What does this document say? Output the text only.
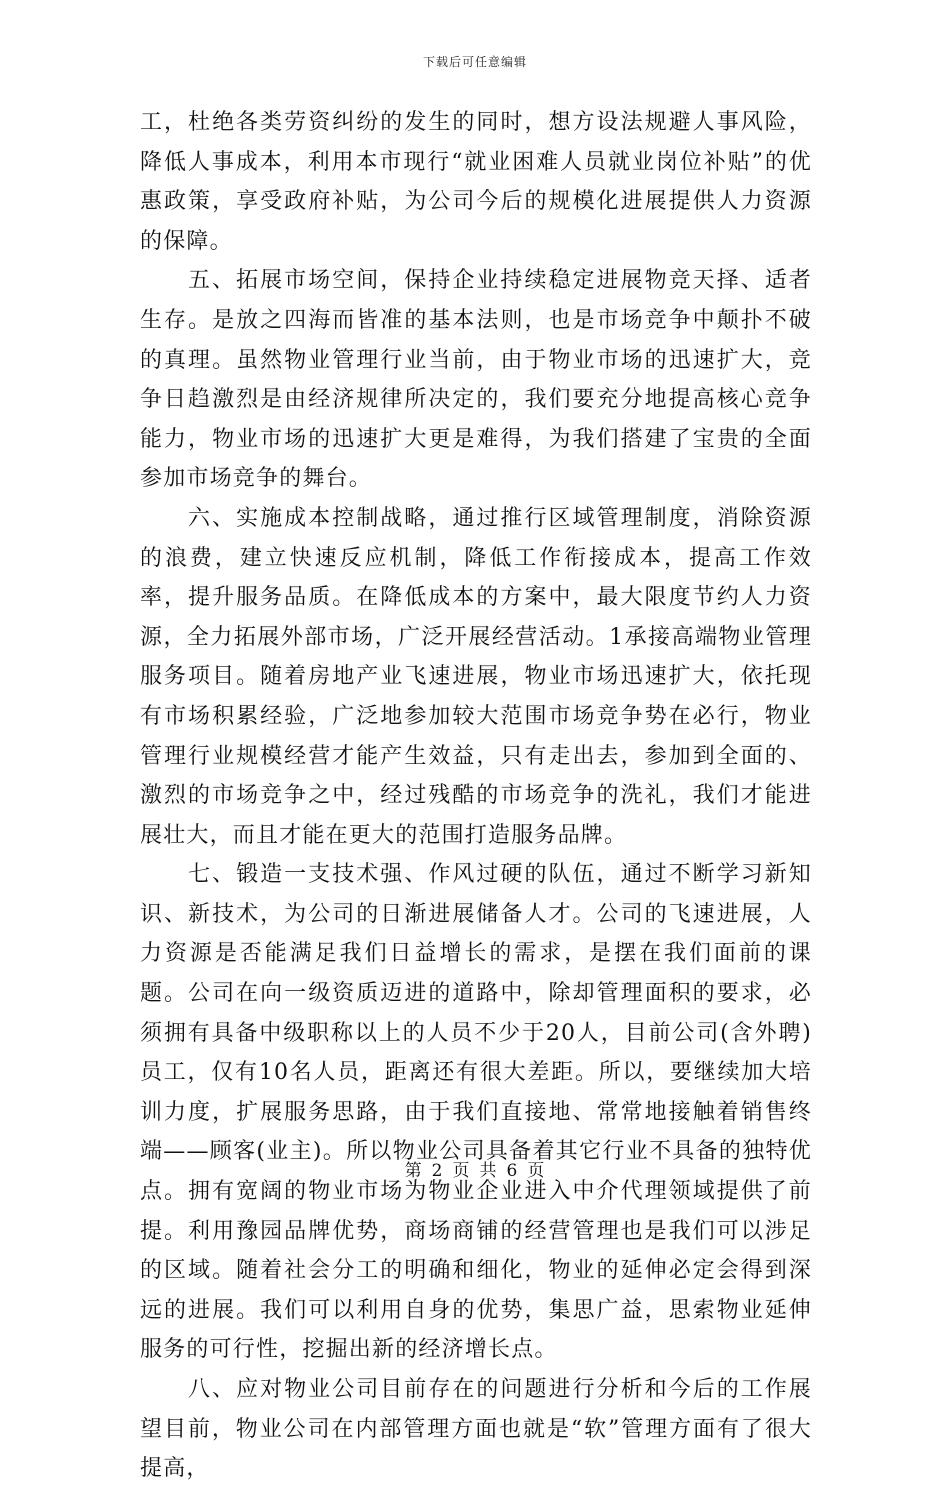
下载后可任意编辑

工，杜绝各类劳资纠纷的发生的同时，想方设法规避人事风险，降低人事成本，利用本市现行“就业困难人员就业岗位补贴”的优惠政策，享受政府补贴，为公司今后的规模化进展提供人力资源的保障。

五、拓展市场空间，保持企业持续稳定进展物竞天择、适者生存。是放之四海而皆准的基本法则，也是市场竞争中颠扑不破的真理。虽然物业管理行业当前，由于物业市场的迅速扩大，竞争日趋激烈是由经济规律所决定的，我们要充分地提高核心竞争能力，物业市场的迅速扩大更是难得，为我们搭建了宝贵的全面参加市场竞争的舞台。

六、实施成本控制战略，通过推行区域管理制度，消除资源的浪费，建立快速反应机制，降低工作衔接成本，提高工作效率，提升服务品质。在降低成本的方案中，最大限度节约人力资源，全力拓展外部市场，广泛开展经营活动。1承接高端物业管理服务项目。随着房地产业飞速进展，物业市场迅速扩大，依托现有市场积累经验，广泛地参加较大范围市场竞争势在必行，物业管理行业规模经营才能产生效益，只有走出去，参加到全面的、激烈的市场竞争之中，经过残酷的市场竞争的洗礼，我们才能进展壮大，而且才能在更大的范围打造服务品牌。

七、锻造一支技术强、作风过硬的队伍，通过不断学习新知识、新技术，为公司的日渐进展储备人才。公司的飞速进展，人力资源是否能满足我们日益增长的需求，是摆在我们面前的课题。公司在向一级资质迈进的道路中，除却管理面积的要求，必须拥有具备中级职称以上的人员不少于20人，目前公司(含外聘)员工，仅有10名人员，距离还有很大差距。所以，要继续加大培训力度，扩展服务思路，由于我们直接地、常常地接触着销售终端——顾客(业主)。所以物业公司具备着其它行业不具备的独特优点。拥有宽阔的物业市场为物业企业进入中介代理领域提供了前提。利用豫园品牌优势，商场商铺的经营管理也是我们可以涉足的区域。随着社会分工的明确和细化，物业的延伸必定会得到深远的进展。我们可以利用自身的优势，集思广益，思索物业延伸服务的可行性，挖掘出新的经济增长点。

八、应对物业公司目前存在的问题进行分析和今后的工作展望目前，物业公司在内部管理方面也就是“软”管理方面有了很大提高，

第 2 页 共 6 页
